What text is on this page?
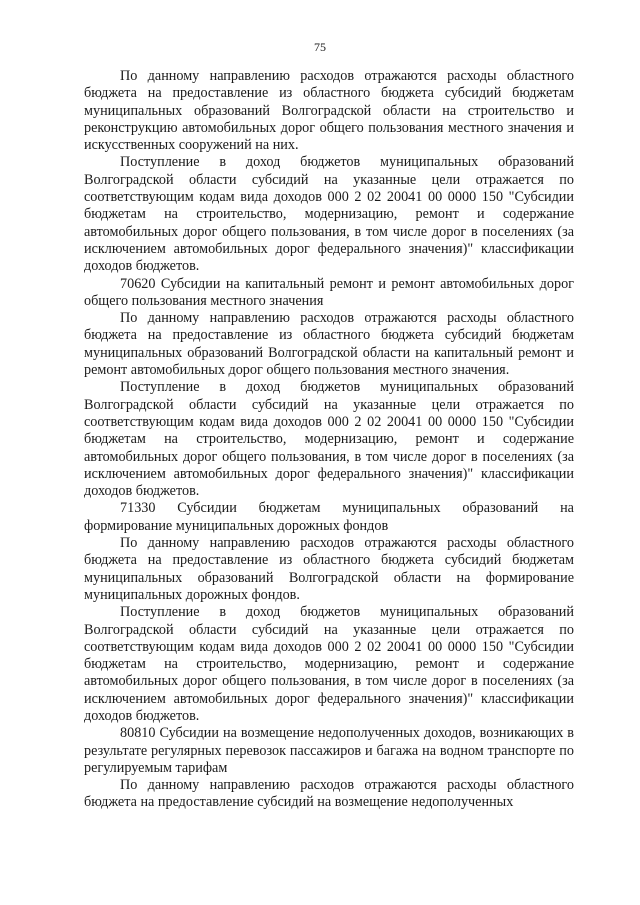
75

По данному направлению расходов отражаются расходы областного бюджета на предоставление из областного бюджета субсидий бюджетам муниципальных образований Волгоградской области на строительство и реконструкцию автомобильных дорог общего пользования местного значения и искусственных сооружений на них.

Поступление в доход бюджетов муниципальных образований Волгоградской области субсидий на указанные цели отражается по соответствующим кодам вида доходов 000 2 02 20041 00 0000 150 "Субсидии бюджетам на строительство, модернизацию, ремонт и содержание автомобильных дорог общего пользования, в том числе дорог в поселениях (за исключением автомобильных дорог федерального значения)" классификации доходов бюджетов.

70620 Субсидии на капитальный ремонт и ремонт автомобильных дорог общего пользования местного значения

По данному направлению расходов отражаются расходы областного бюджета на предоставление из областного бюджета субсидий бюджетам муниципальных образований Волгоградской области на капитальный ремонт и ремонт автомобильных дорог общего пользования местного значения.

Поступление в доход бюджетов муниципальных образований Волгоградской области субсидий на указанные цели отражается по соответствующим кодам вида доходов 000 2 02 20041 00 0000 150 "Субсидии бюджетам на строительство, модернизацию, ремонт и содержание автомобильных дорог общего пользования, в том числе дорог в поселениях (за исключением автомобильных дорог федерального значения)" классификации доходов бюджетов.

71330 Субсидии бюджетам муниципальных образований на формирование муниципальных дорожных фондов

По данному направлению расходов отражаются расходы областного бюджета на предоставление из областного бюджета субсидий бюджетам муниципальных образований Волгоградской области на формирование муниципальных дорожных фондов.

Поступление в доход бюджетов муниципальных образований Волгоградской области субсидий на указанные цели отражается по соответствующим кодам вида доходов 000 2 02 20041 00 0000 150 "Субсидии бюджетам на строительство, модернизацию, ремонт и содержание автомобильных дорог общего пользования, в том числе дорог в поселениях (за исключением автомобильных дорог федерального значения)" классификации доходов бюджетов.

80810 Субсидии на возмещение недополученных доходов, возникающих в результате регулярных перевозок пассажиров и багажа на водном транспорте по регулируемым тарифам

По данному направлению расходов отражаются расходы областного бюджета на предоставление субсидий на возмещение недополученных
